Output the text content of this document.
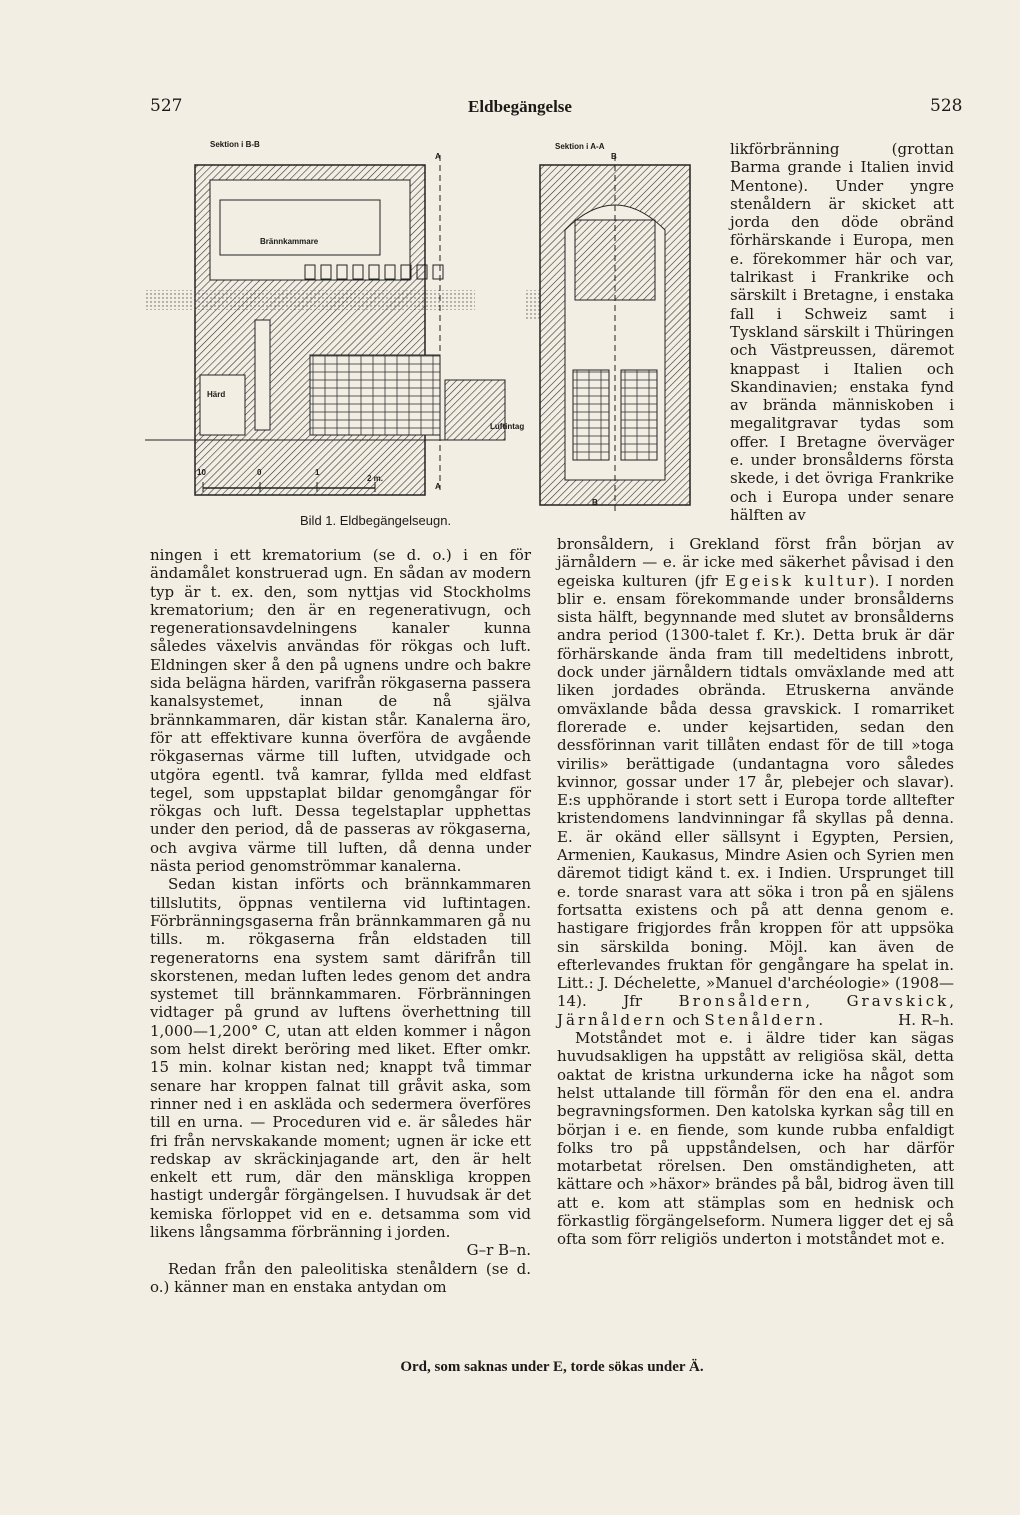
527	Eldbegängelse	528
Sektion i B-B	Sektion i A-A
Brännkammare
Härd
Luftintag
A
A
B
B
10	0	1
2 m.
Bild 1. Eldbegängelseugn.

likförbränning (grottan Barma grande i Italien invid Mentone). Under yngre stenåldern är skicket att jorda den döde obränd förhärskande i Europa, men e. förekommer här och var, talrikast i Frankrike och särskilt i Bretagne, i enstaka fall i Schweiz samt i Tyskland särskilt i Thüringen och Västpreussen, däremot knappast i Italien och Skandinavien; enstaka fynd av brända människoben i megalitgravar tydas som offer. I Bretagne överväger e. under bronsålderns första skede, i det övriga Frankrike och i Europa under senare hälften av

ningen i ett krematorium (se d. o.) i en för ändamålet konstruerad ugn. En sådan av modern typ är t. ex. den, som nyttjas vid Stockholms krematorium; den är en regenerativugn, och regenerationsavdelningens kanaler kunna således växelvis användas för rökgas och luft. Eldningen sker å den på ugnens undre och bakre sida belägna härden, varifrån rökgaserna passera kanalsystemet, innan de nå själva brännkammaren, där kistan står. Kanalerna äro, för att effektivare kunna överföra de avgående rökgasernas värme till luften, utvidgade och utgöra egentl. två kamrar, fyllda med eldfast tegel, som uppstaplat bildar genomgångar för rökgas och luft. Dessa tegelstaplar upphettas under den period, då de passeras av rökgaserna, och avgiva värme till luften, då denna under nästa period genomströmmar kanalerna.

Sedan kistan införts och brännkammaren tillslutits, öppnas ventilerna vid luftintagen. Förbränningsgaserna från brännkammaren gå nu tills. m. rökgaserna från eldstaden till regeneratorns ena system samt därifrån till skorstenen, medan luften ledes genom det andra systemet till brännkammaren. Förbränningen vidtager på grund av luftens överhettning till 1,000—1,200° C, utan att elden kommer i någon som helst direkt beröring med liket. Efter omkr. 15 min. kolnar kistan ned; knappt två timmar senare har kroppen falnat till gråvit aska, som rinner ned i en askläda och sedermera överföres till en urna. — Proceduren vid e. är således här fri från nervskakande moment; ugnen är icke ett redskap av skräckinjagande art, den är helt enkelt ett rum, där den mänskliga kroppen hastigt undergår förgängelsen. I huvudsak är det kemiska förloppet vid en e. detsamma som vid likens långsamma förbränning i jorden.
G–r B–n.

Redan från den paleolitiska stenåldern (se d. o.) känner man en enstaka antydan om

bronsåldern, i Grekland först från början av järnåldern — e. är icke med säkerhet påvisad i den egeiska kulturen (jfr Egeisk kultur). I norden blir e. ensam förekommande under bronsålderns sista hälft, begynnande med slutet av bronsålderns andra period (1300-talet f. Kr.). Detta bruk är där förhärskande ända fram till medeltidens inbrott, dock under järnåldern tidtals omväxlande med att liken jordades obrända. Etruskerna använde omväxlande båda dessa gravskick. I romarriket florerade e. under kejsartiden, sedan den dessförinnan varit tillåten endast för de till »toga virilis» berättigade (undantagna voro således kvinnor, gossar under 17 år, plebejer och slavar). E:s upphörande i stort sett i Europa torde alltefter kristendomens landvinningar få skyllas på denna. E. är okänd eller sällsynt i Egypten, Persien, Armenien, Kaukasus, Mindre Asien och Syrien men däremot tidigt känd t. ex. i Indien. Ursprunget till e. torde snarast vara att söka i tron på en själens fortsatta existens och på att denna genom e. hastigare frigjordes från kroppen för att uppsöka sin särskilda boning. Möjl. kan även de efterlevandes fruktan för gengångare ha spelat in. Litt.: J. Déchelette, »Manuel d'archéologie» (1908—14). Jfr Bronsåldern, Gravskick, Järnåldern och Stenåldern.	H. R–h.

Motståndet mot e. i äldre tider kan sägas huvudsakligen ha uppstått av religiösa skäl, detta oaktat de kristna urkunderna icke ha något som helst uttalande till förmån för den ena el. andra begravningsformen. Den katolska kyrkan såg till en början i e. en fiende, som kunde rubba enfaldigt folks tro på uppståndelsen, och har därför motarbetat rörelsen. Den omständigheten, att kättare och »häxor» brändes på bål, bidrog även till att e. kom att stämplas som en hednisk och förkastlig förgängelseform. Numera ligger det ej så ofta som förr religiös underton i motståndet mot e.

Ord, som saknas under E, torde sökas under Ä.
